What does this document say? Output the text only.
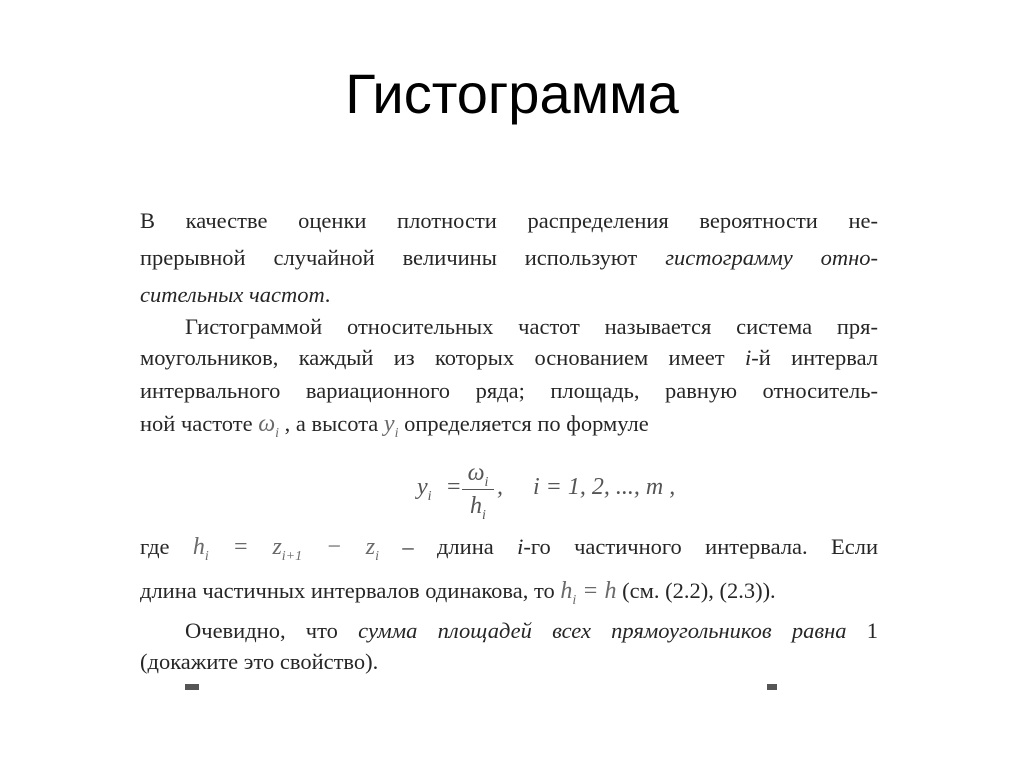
Гистограмма
В качестве оценки плотности распределения вероятности не-
прерывной случайной величины используют гистограмму отно-
сительных частот.
Гистограммой относительных частот называется система пря-
моугольников, каждый из которых основанием имеет i-й интервал
интервального вариационного ряда; площадь, равную относитель-
ной частоте $\omega_i$ , а высота $y_i$ определяется по формуле
$y_i$ =
$\omega_i$
$h_i$
,     i = 1, 2, ..., m ,
где $h_i = z_{i+1} - z_i$ – длина i-го частичного интервала. Если
длина частичных интервалов одинакова, то $h_i = h$ (см. (2.2), (2.3)).
Очевидно, что сумма площадей всех прямоугольников равна 1
(докажите это свойство).
